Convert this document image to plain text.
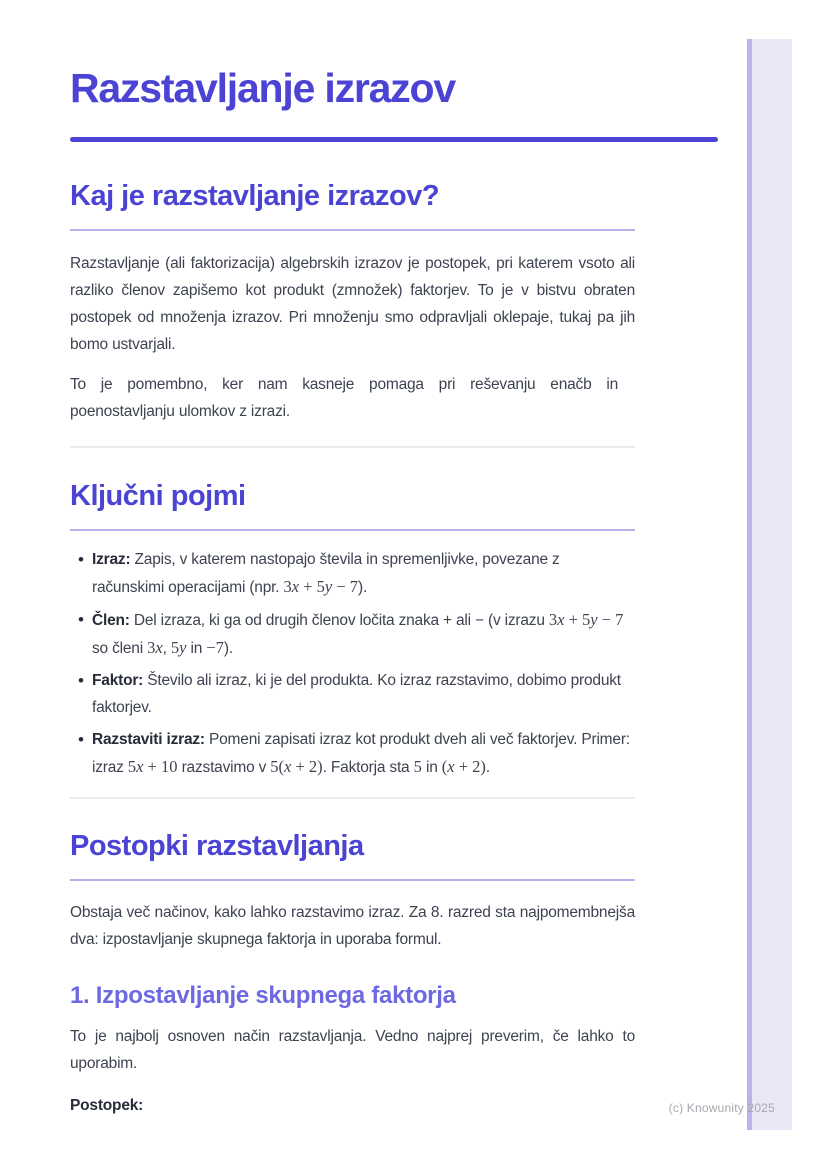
Razstavljanje izrazov
Kaj je razstavljanje izrazov?

Razstavljanje (ali faktorizacija) algebrskih izrazov je postopek, pri katerem vsoto ali razliko členov zapišemo kot produkt (zmnožek) faktorjev. To je v bistvu obraten postopek od množenja izrazov. Pri množenju smo odpravljali oklepaje, tukaj pa jih bomo ustvarjali.

To je pomembno, ker nam kasneje pomaga pri reševanju enačb in poenostavljanju ulomkov z izrazi.

Ključni pojmi
• Izraz: Zapis, v katerem nastopajo števila in spremenljivke, povezane z računskimi operacijami (npr. 3x + 5y − 7).
• Člen: Del izraza, ki ga od drugih členov ločita znaka + ali − (v izrazu 3x + 5y − 7 so členi 3x, 5y in −7).
• Faktor: Število ali izraz, ki je del produkta. Ko izraz razstavimo, dobimo produkt faktorjev.
• Razstaviti izraz: Pomeni zapisati izraz kot produkt dveh ali več faktorjev. Primer: izraz 5x + 10 razstavimo v 5(x + 2). Faktorja sta 5 in (x + 2).
Postopki razstavljanja

Obstaja več načinov, kako lahko razstavimo izraz. Za 8. razred sta najpomembnejša dva: izpostavljanje skupnega faktorja in uporaba formul.

1. Izpostavljanje skupnega faktorja

To je najbolj osnoven način razstavljanja. Vedno najprej preverim, če lahko to uporabim.

Postopek:	(c) Knowunity 2025
